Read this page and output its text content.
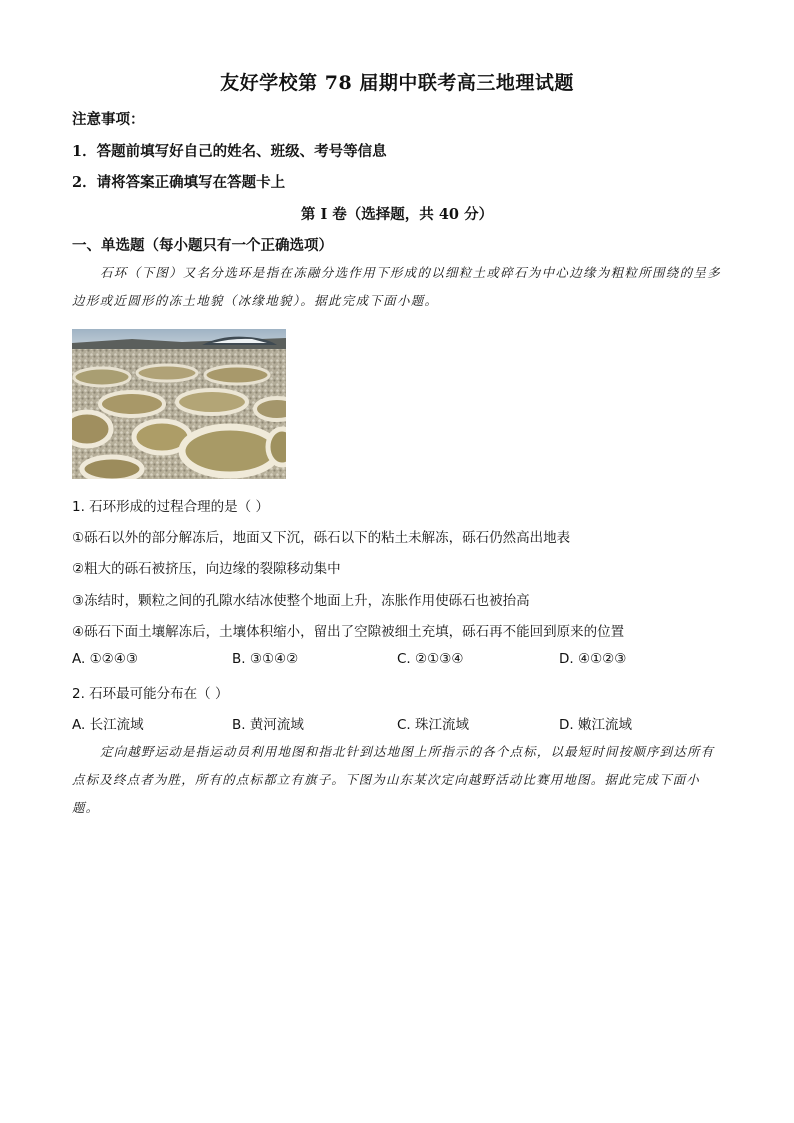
友好学校第 78 届期中联考高三地理试题
注意事项：
1．答题前填写好自己的姓名、班级、考号等信息
2．请将答案正确填写在答题卡上
第 I 卷（选择题，共 40 分）
一、单选题（每小题只有一个正确选项）
石环（下图）又名分选环是指在冻融分选作用下形成的以细粒土或碎石为中心边缘为粗粒所围绕的呈多边形或近圆形的冻土地貌（冰缘地貌）。据此完成下面小题。
1. 石环形成的过程合理的是（ ）
①砾石以外的部分解冻后，地面又下沉，砾石以下的粘土未解冻，砾石仍然高出地表
②粗大的砾石被挤压，向边缘的裂隙移动集中
③冻结时，颗粒之间的孔隙水结冰使整个地面上升，冻胀作用使砾石也被抬高
④砾石下面土壤解冻后，土壤体积缩小，留出了空隙被细土充填，砾石再不能回到原来的位置
A. ①②④③	B. ③①④②	C. ②①③④	D. ④①②③
2. 石环最可能分布在（ ）
A. 长江流域	B. 黄河流域	C. 珠江流域	D. 嫩江流域
定向越野运动是指运动员利用地图和指北针到达地图上所指示的各个点标，以最短时间按顺序到达所有点标及终点者为胜，所有的点标都立有旗子。下图为山东某次定向越野活动比赛用地图。据此完成下面小题。
